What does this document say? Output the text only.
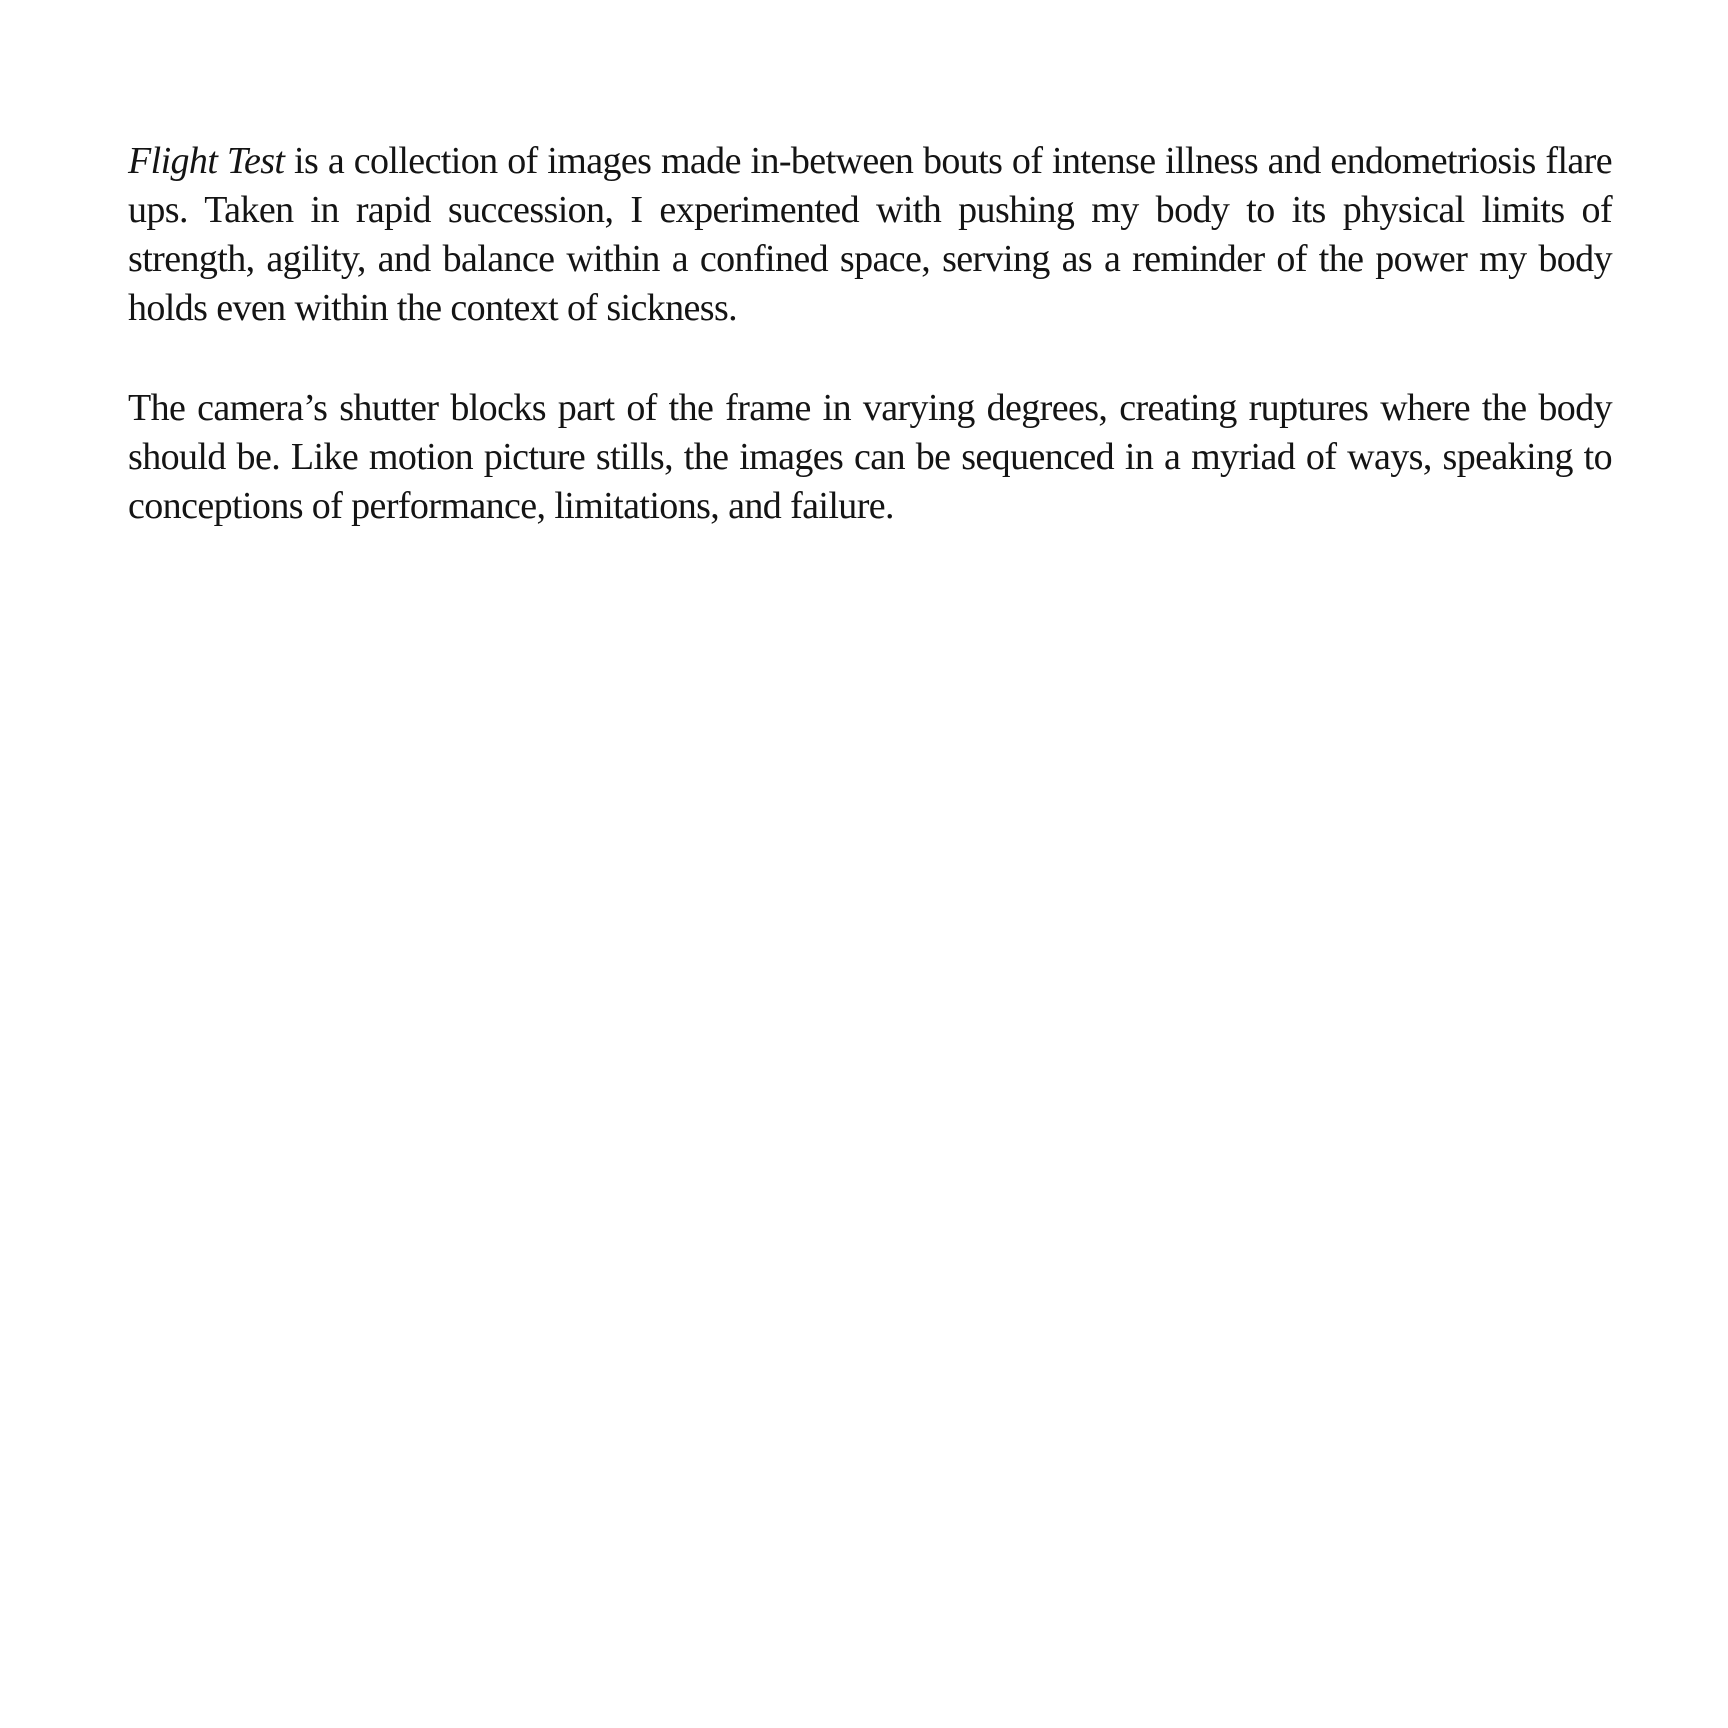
Flight Test is a collection of images made in-between bouts of intense illness and endometriosis flare ups. Taken in rapid succession, I experimented with pushing my body to its physical limits of strength, agility, and balance within a confined space, serving as a reminder of the power my body holds even within the context of sickness.

The camera’s shutter blocks part of the frame in varying degrees, creating ruptures where the body should be. Like motion picture stills, the images can be sequenced in a myriad of ways, speaking to conceptions of performance, limitations, and failure.
